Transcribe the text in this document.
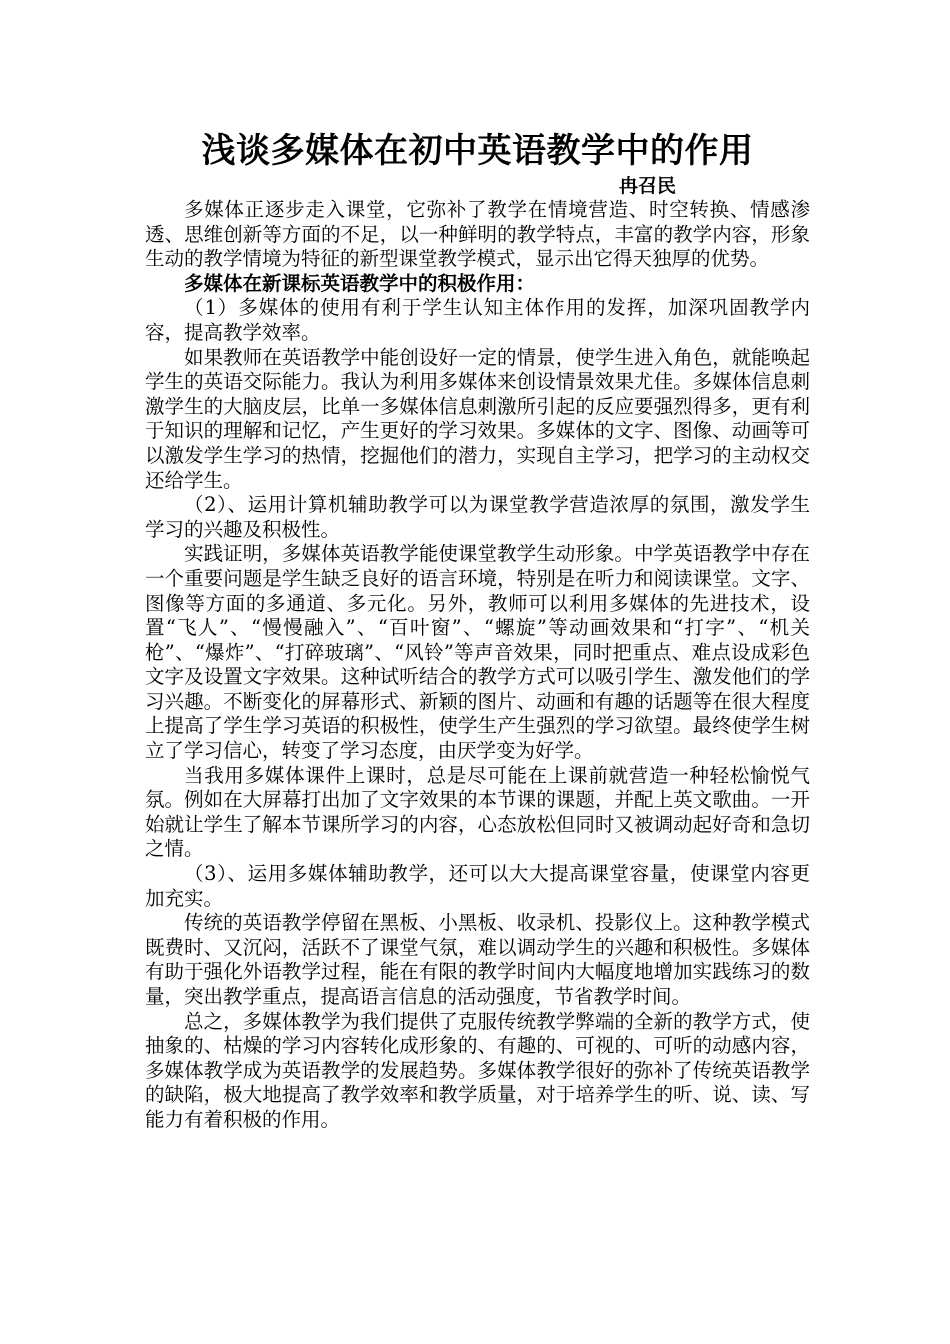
浅谈多媒体在初中英语教学中的作用
冉召民

多媒体正逐步走入课堂，它弥补了教学在情境营造、时空转换、情感渗透、思维创新等方面的不足，以一种鲜明的教学特点，丰富的教学内容，形象生动的教学情境为特征的新型课堂教学模式，显示出它得天独厚的优势。

多媒体在新课标英语教学中的积极作用：

（1）多媒体的使用有利于学生认知主体作用的发挥，加深巩固教学内容，提高教学效率。

如果教师在英语教学中能创设好一定的情景，使学生进入角色，就能唤起学生的英语交际能力。我认为利用多媒体来创设情景效果尤佳。多媒体信息刺激学生的大脑皮层，比单一多媒体信息刺激所引起的反应要强烈得多，更有利于知识的理解和记忆，产生更好的学习效果。多媒体的文字、图像、动画等可以激发学生学习的热情，挖掘他们的潜力，实现自主学习，把学习的主动权交还给学生。

（2）、运用计算机辅助教学可以为课堂教学营造浓厚的氛围，激发学生学习的兴趣及积极性。

实践证明，多媒体英语教学能使课堂教学生动形象。中学英语教学中存在一个重要问题是学生缺乏良好的语言环境，特别是在听力和阅读课堂。文字、图像等方面的多通道、多元化。另外，教师可以利用多媒体的先进技术，设置“飞人”、“慢慢融入”、“百叶窗”、“螺旋”等动画效果和“打字”、“机关枪”、“爆炸”、“打碎玻璃”、“风铃”等声音效果，同时把重点、难点设成彩色文字及设置文字效果。这种试听结合的教学方式可以吸引学生、激发他们的学习兴趣。不断变化的屏幕形式、新颖的图片、动画和有趣的话题等在很大程度上提高了学生学习英语的积极性，使学生产生强烈的学习欲望。最终使学生树立了学习信心，转变了学习态度，由厌学变为好学。

当我用多媒体课件上课时，总是尽可能在上课前就营造一种轻松愉悦气氛。例如在大屏幕打出加了文字效果的本节课的课题，并配上英文歌曲。一开始就让学生了解本节课所学习的内容，心态放松但同时又被调动起好奇和急切之情。

（3）、运用多媒体辅助教学，还可以大大提高课堂容量，使课堂内容更加充实。

传统的英语教学停留在黑板、小黑板、收录机、投影仪上。这种教学模式既费时、又沉闷，活跃不了课堂气氛，难以调动学生的兴趣和积极性。多媒体有助于强化外语教学过程，能在有限的教学时间内大幅度地增加实践练习的数量，突出教学重点，提高语言信息的活动强度，节省教学时间。

总之，多媒体教学为我们提供了克服传统教学弊端的全新的教学方式，使抽象的、枯燥的学习内容转化成形象的、有趣的、可视的、可听的动感内容，多媒体教学成为英语教学的发展趋势。多媒体教学很好的弥补了传统英语教学的缺陷，极大地提高了教学效率和教学质量，对于培养学生的听、说、读、写能力有着积极的作用。
